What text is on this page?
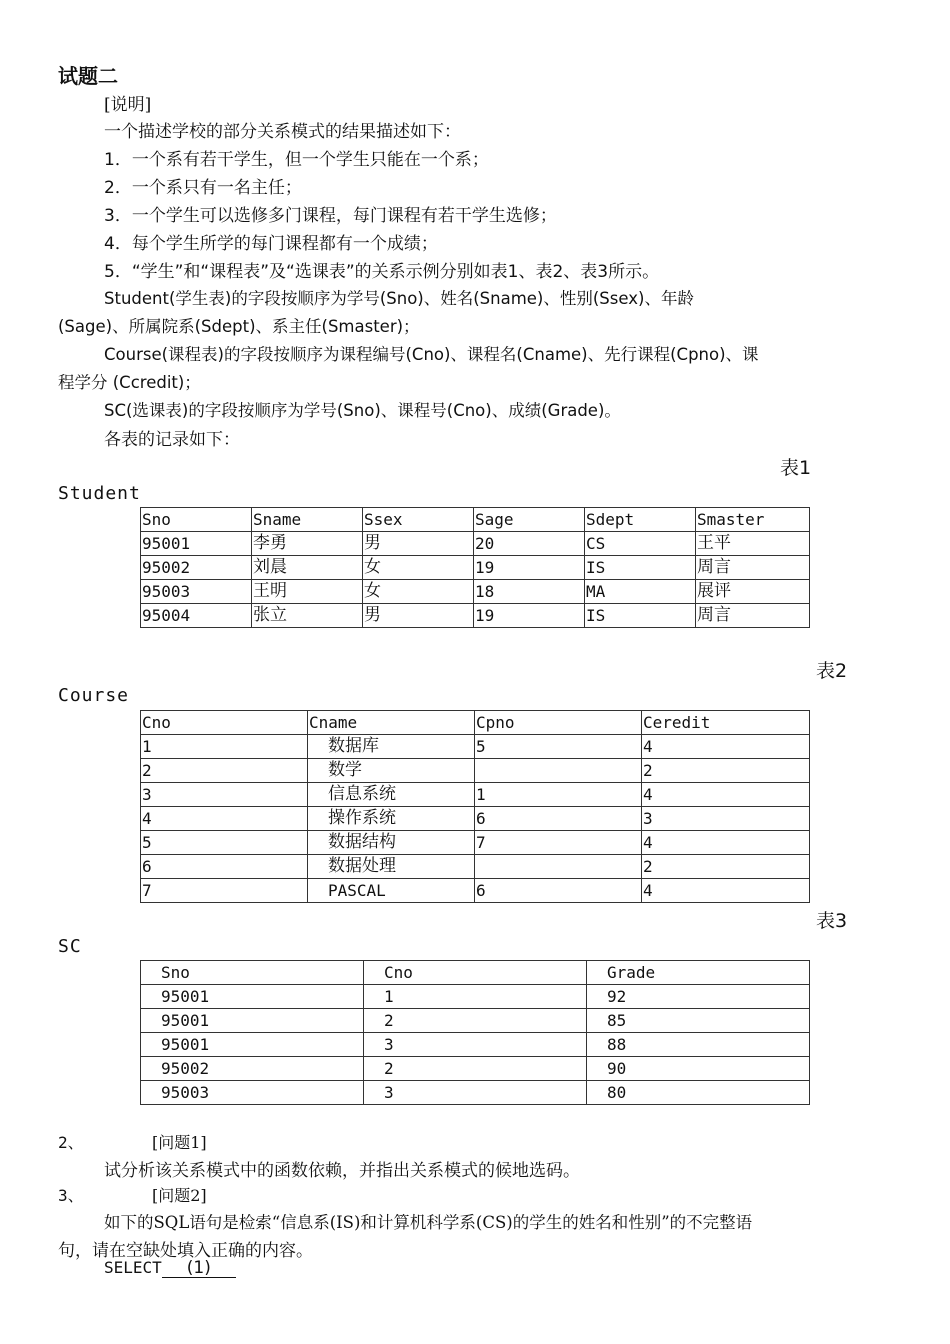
试题二
[说明]
一个描述学校的部分关系模式的结果描述如下：
1．一个系有若干学生，但一个学生只能在一个系；
2．一个系只有一名主任；
3．一个学生可以选修多门课程，每门课程有若干学生选修；
4．每个学生所学的每门课程都有一个成绩；
5．“学生”和“课程表”及“选课表”的关系示例分别如表1、表2、表3所示。
Student(学生表)的字段按顺序为学号(Sno)、姓名(Sname)、性别(Ssex)、年龄
(Sage)、所属院系(Sdept)、系主任(Smaster)；
Course(课程表)的字段按顺序为课程编号(Cno)、课程名(Cname)、先行课程(Cpno)、课
程学分 (Ccredit)；
SC(选课表)的字段按顺序为学号(Sno)、课程号(Cno)、成绩(Grade)。
各表的记录如下：
表1
Student
Sno	Sname	Ssex	Sage	Sdept	Smaster
95001	李勇	男	20	CS	王平
95002	刘晨	女	19	IS	周言
95003	王明	女	18	MA	展评
95004	张立	男	19	IS	周言
表2
Course
Cno	Cname	Cpno	Ceredit
1	数据库	5	4
2	数学		2
3	信息系统	1	4
4	操作系统	6	3
5	数据结构	7	4
6	数据处理		2
7	PASCAL	6	4
表3
SC
Sno	Cno	Grade
95001	1	92
95001	2	85
95001	3	88
95002	2	90
95003	3	80
2、	[问题1]
试分析该关系模式中的函数依赖，并指出关系模式的候地选码。
3、	[问题2]
如下的SQL语句是检索“信息系(IS)和计算机科学系(CS)的学生的姓名和性别”的不完整语
句，请在空缺处填入正确的内容。
SELECT (1)
